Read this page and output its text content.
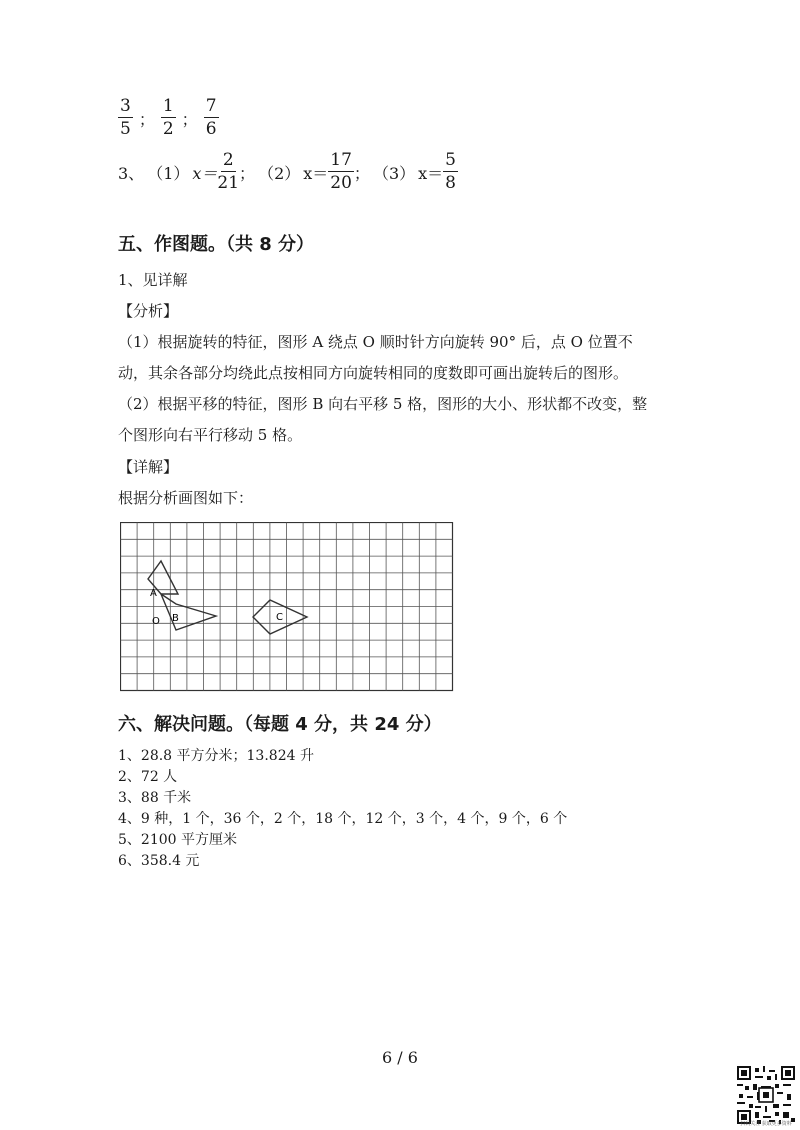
$\frac{3}{5}$ ； $\frac{1}{2}$ ； $\frac{7}{6}$
3、 （1） $x= \frac{2}{21}$ ； （2） $x= \frac{17}{20}$ ； （3） $x= \frac{5}{8}$
五、作图题。（共 8 分）
1、见详解
【分析】
（1）根据旋转的特征，图形 A 绕点 O 顺时针方向旋转 90° 后，点 O 位置不
动，其余各部分均绕此点按相同方向旋转相同的度数即可画出旋转后的图形。
（2）根据平移的特征，图形 B 向右平移 5 格，图形的大小、形状都不改变，整
个图形向右平行移动 5 格。
【详解】
根据分析画图如下：
A
O B	C
六、解决问题。（每题 4 分，共 24 分）
1、28.8 平方分米；13.824 升
2、72 人
3、88 千米
4、9 种，1 个，36 个，2 个，18 个，12 个，3 个，4 个，9 个，6 个
5、2100 平方厘米
6、358.4 元
6 / 6
扫码关注 获取更多资料
